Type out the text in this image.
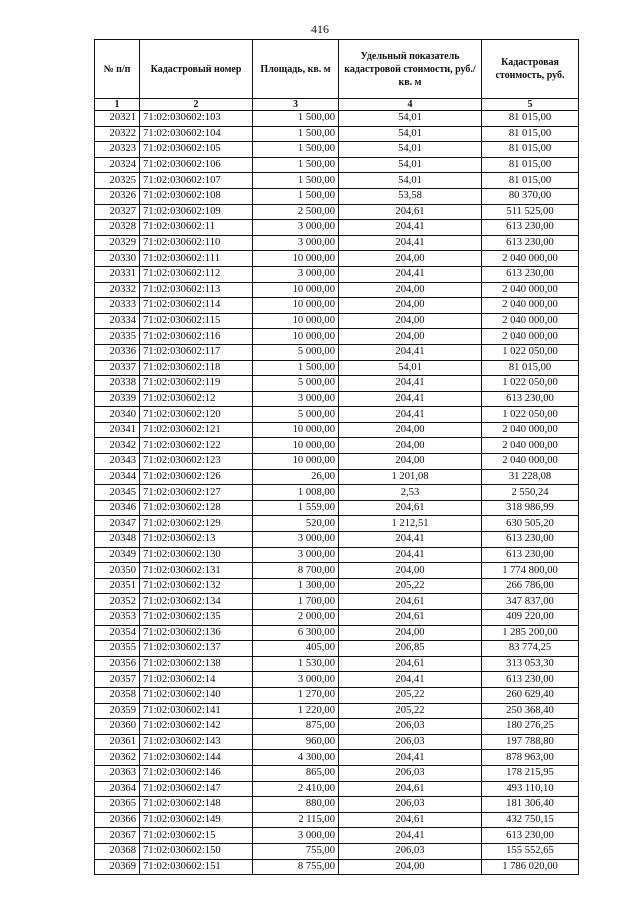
416
№ п/п	Кадастровый номер	Площадь, кв. м	Удельный показатель кадастровой стоимости, руб./кв. м	Кадастровая стоимость, руб.
1	2	3	4	5
20321	71:02:030602:103	1 500,00	54,01	81 015,00
20322	71:02:030602:104	1 500,00	54,01	81 015,00
20323	71:02:030602:105	1 500,00	54,01	81 015,00
20324	71:02:030602:106	1 500,00	54,01	81 015,00
20325	71:02:030602:107	1 500,00	54,01	81 015,00
20326	71:02:030602:108	1 500,00	53,58	80 370,00
20327	71:02:030602:109	2 500,00	204,61	511 525,00
20328	71:02:030602:11	3 000,00	204,41	613 230,00
20329	71:02:030602:110	3 000,00	204,41	613 230,00
20330	71:02:030602:111	10 000,00	204,00	2 040 000,00
20331	71:02:030602:112	3 000,00	204,41	613 230,00
20332	71:02:030602:113	10 000,00	204,00	2 040 000,00
20333	71:02:030602:114	10 000,00	204,00	2 040 000,00
20334	71:02:030602:115	10 000,00	204,00	2 040 000,00
20335	71:02:030602:116	10 000,00	204,00	2 040 000,00
20336	71:02:030602:117	5 000,00	204,41	1 022 050,00
20337	71:02:030602:118	1 500,00	54,01	81 015,00
20338	71:02:030602:119	5 000,00	204,41	1 022 050,00
20339	71:02:030602:12	3 000,00	204,41	613 230,00
20340	71:02:030602:120	5 000,00	204,41	1 022 050,00
20341	71:02:030602:121	10 000,00	204,00	2 040 000,00
20342	71:02:030602:122	10 000,00	204,00	2 040 000,00
20343	71:02:030602:123	10 000,00	204,00	2 040 000,00
20344	71:02:030602:126	26,00	1 201,08	31 228,08
20345	71:02:030602:127	1 008,00	2,53	2 550,24
20346	71:02:030602:128	1 559,00	204,61	318 986,99
20347	71:02:030602:129	520,00	1 212,51	630 505,20
20348	71:02:030602:13	3 000,00	204,41	613 230,00
20349	71:02:030602:130	3 000,00	204,41	613 230,00
20350	71:02:030602:131	8 700,00	204,00	1 774 800,00
20351	71:02:030602:132	1 300,00	205,22	266 786,00
20352	71:02:030602:134	1 700,00	204,61	347 837,00
20353	71:02:030602:135	2 000,00	204,61	409 220,00
20354	71:02:030602:136	6 300,00	204,00	1 285 200,00
20355	71:02:030602:137	405,00	206,85	83 774,25
20356	71:02:030602:138	1 530,00	204,61	313 053,30
20357	71:02:030602:14	3 000,00	204,41	613 230,00
20358	71:02:030602:140	1 270,00	205,22	260 629,40
20359	71:02:030602:141	1 220,00	205,22	250 368,40
20360	71:02:030602:142	875,00	206,03	180 276,25
20361	71:02:030602:143	960,00	206,03	197 788,80
20362	71:02:030602:144	4 300,00	204,41	878 963,00
20363	71:02:030602:146	865,00	206,03	178 215,95
20364	71:02:030602:147	2 410,00	204,61	493 110,10
20365	71:02:030602:148	880,00	206,03	181 306,40
20366	71:02:030602:149	2 115,00	204,61	432 750,15
20367	71:02:030602:15	3 000,00	204,41	613 230,00
20368	71:02:030602:150	755,00	206,03	155 552,65
20369	71:02:030602:151	8 755,00	204,00	1 786 020,00
